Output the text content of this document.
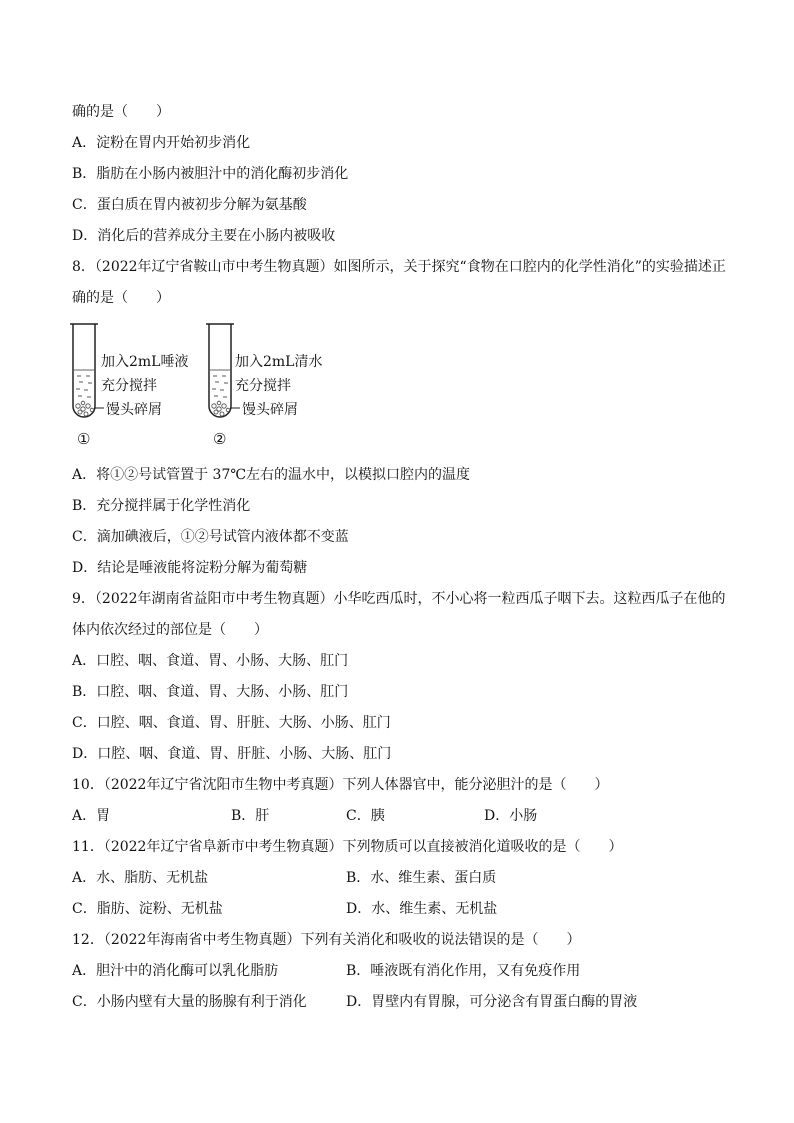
确的是（　　）
A．淀粉在胃内开始初步消化
B．脂肪在小肠内被胆汁中的消化酶初步消化
C．蛋白质在胃内被初步分解为氨基酸
D．消化后的营养成分主要在小肠内被吸收
8．（2022年辽宁省鞍山市中考生物真题）如图所示，关于探究“食物在口腔内的化学性消化”的实验描述正
确的是（　　）
加入2mL唾液
充分搅拌
馒头碎屑
①
加入2mL清水
充分搅拌
馒头碎屑
②
A．将①②号试管置于 37℃左右的温水中，以模拟口腔内的温度
B．充分搅拌属于化学性消化
C．滴加碘液后，①②号试管内液体都不变蓝
D．结论是唾液能将淀粉分解为葡萄糖
9．（2022年湖南省益阳市中考生物真题）小华吃西瓜时，不小心将一粒西瓜子咽下去。这粒西瓜子在他的
体内依次经过的部位是（　　）
A．口腔、咽、食道、胃、小肠、大肠、肛门
B．口腔、咽、食道、胃、大肠、小肠、肛门
C．口腔、咽、食道、胃、肝脏、大肠、小肠、肛门
D．口腔、咽、食道、胃、肝脏、小肠、大肠、肛门
10．（2022年辽宁省沈阳市生物中考真题）下列人体器官中，能分泌胆汁的是（　　）
A．胃	B．肝	C．胰	D．小肠
11．（2022年辽宁省阜新市中考生物真题）下列物质可以直接被消化道吸收的是（　　）
A．水、脂肪、无机盐	B．水、维生素、蛋白质
C．脂肪、淀粉、无机盐	D．水、维生素、无机盐
12．（2022年海南省中考生物真题）下列有关消化和吸收的说法错误的是（　　）
A．胆汁中的消化酶可以乳化脂肪	B．唾液既有消化作用，又有免疫作用
C．小肠内壁有大量的肠腺有利于消化	D．胃壁内有胃腺，可分泌含有胃蛋白酶的胃液
